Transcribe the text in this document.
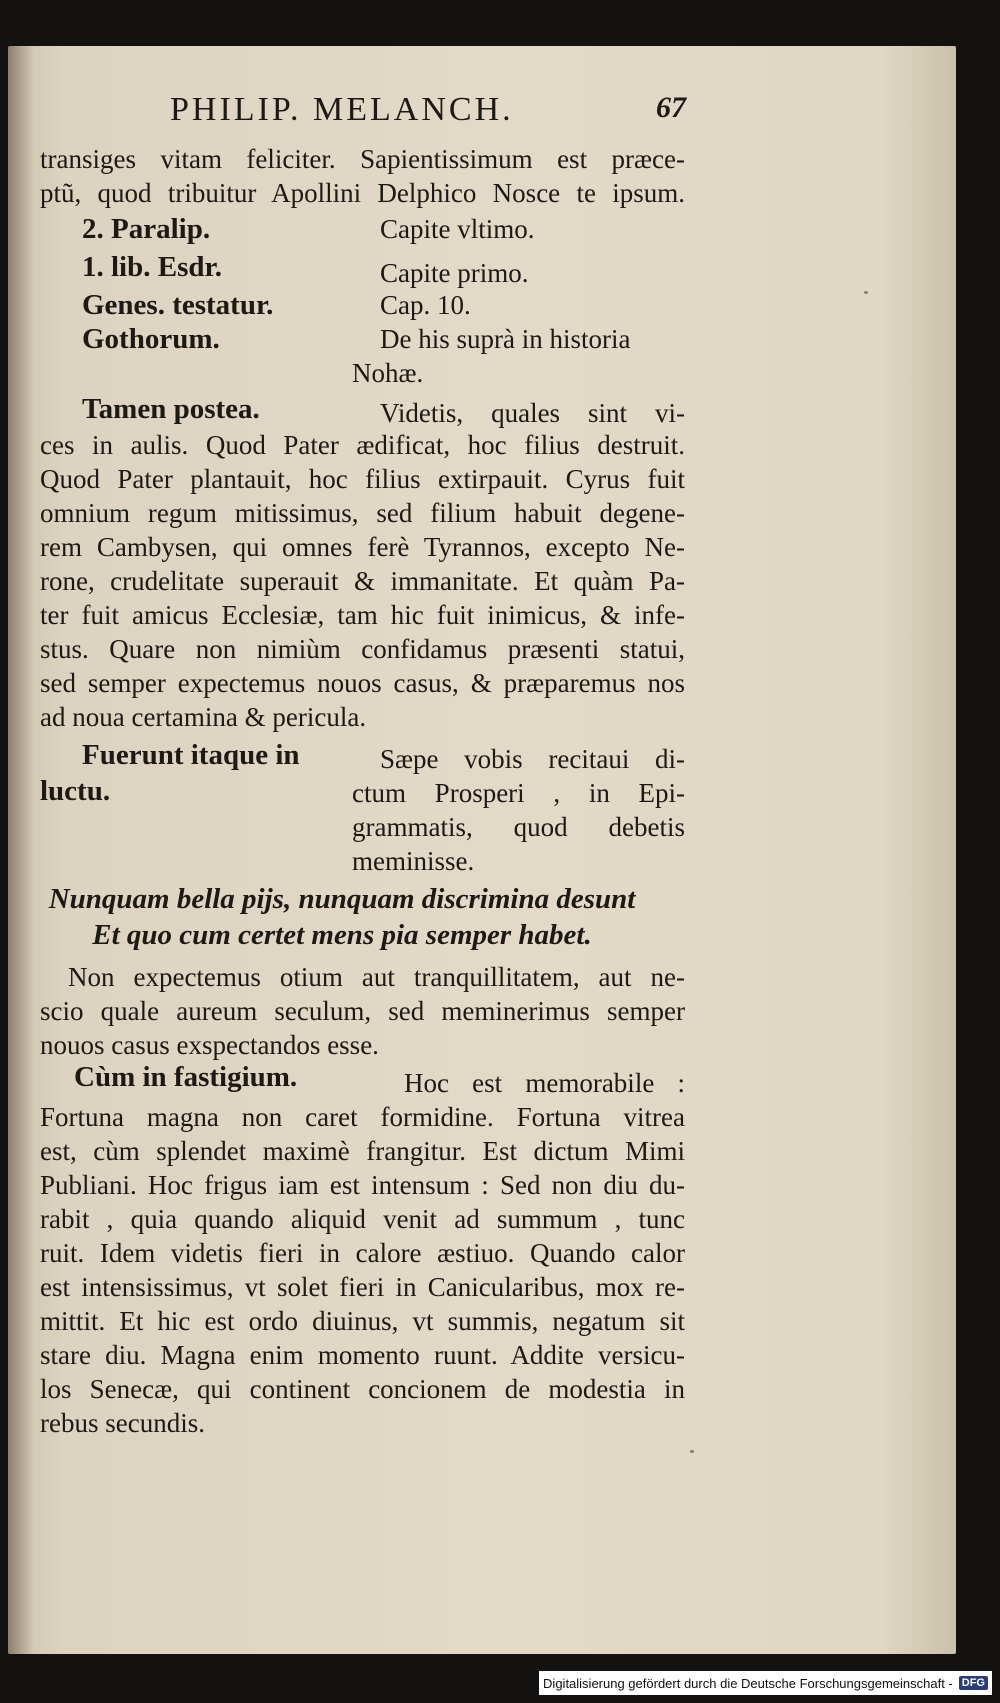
PHILIP. MELANCH.	67
transiges vitam feliciter. Sapientissimum est præce-
ptũ, quod tribuitur Apollini Delphico Nosce te ipsum.
2. Paralip.	Capite vltimo.
1. lib. Esdr.	Capite primo.
Genes. testatur.	Cap. 10.
Gothorum.	De his suprà in historia
Nohæ.
Tamen postea.	Videtis, quales sint vi-
ces in aulis. Quod Pater ædificat, hoc filius destruit.
Quod Pater plantauit, hoc filius extirpauit. Cyrus fuit
omnium regum mitissimus, sed filium habuit degene-
rem Cambysen, qui omnes ferè Tyrannos, excepto Ne-
rone, crudelitate superauit & immanitate. Et quàm Pa-
ter fuit amicus Ecclesiæ, tam hic fuit inimicus, & infe-
stus. Quare non nimiùm confidamus præsenti statui,
sed semper expectemus nouos casus, & præparemus nos
ad noua certamina & pericula.
Fuerunt itaque in
luctu.
Sæpe vobis recitaui di-
ctum Prosperi , in Epi-
grammatis, quod debetis
meminisse.
Nunquam bella pijs, nunquam discrimina desunt
Et quo cum certet mens pia semper habet.
Non expectemus otium aut tranquillitatem, aut ne-
scio quale aureum seculum, sed meminerimus semper
nouos casus exspectandos esse.
Cùm in fastigium.	Hoc est memorabile :
Fortuna magna non caret formidine. Fortuna vitrea
est, cùm splendet maximè frangitur. Est dictum Mimi
Publiani. Hoc frigus iam est intensum : Sed non diu du-
rabit , quia quando aliquid venit ad summum , tunc
ruit. Idem videtis fieri in calore æstiuo. Quando calor
est intensissimus, vt solet fieri in Canicularibus, mox re-
mittit. Et hic est ordo diuinus, vt summis, negatum sit
stare diu. Magna enim momento ruunt. Addite versicu-
los Senecæ, qui continent concionem de modestia in
rebus secundis.
Digitalisierung gefördert durch die Deutsche Forschungsgemeinschaft - DFG
